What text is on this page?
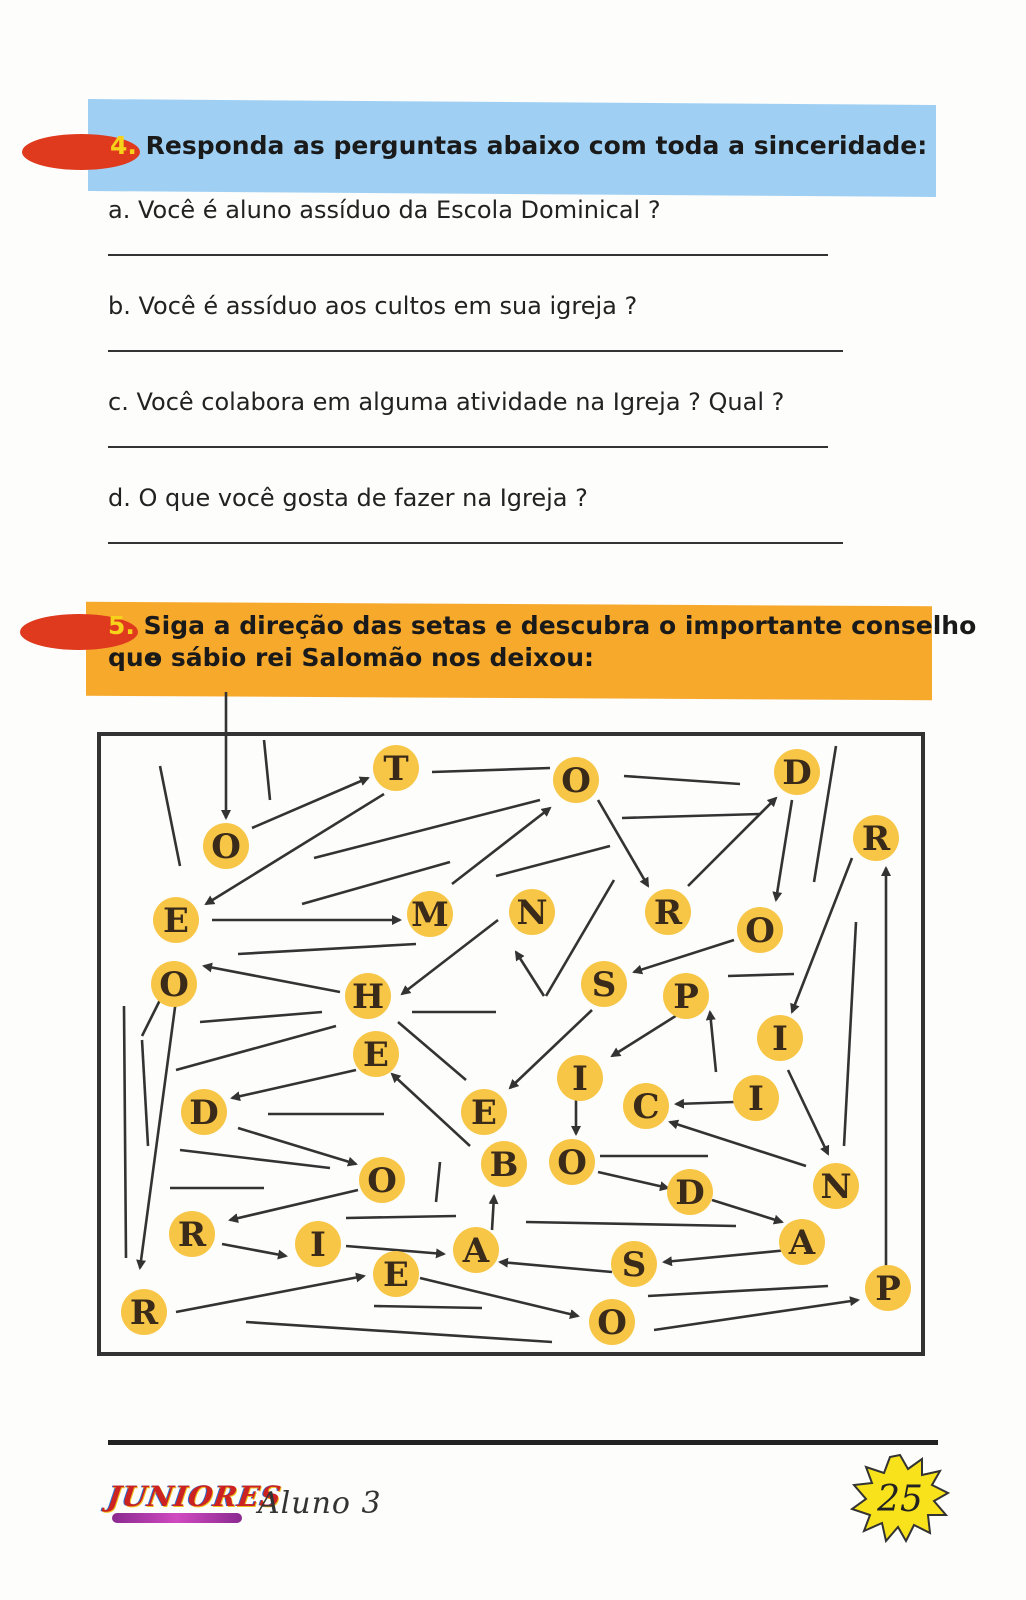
4. Responda as perguntas abaixo com toda a sinceridade:
a. Você é aluno assíduo da Escola Dominical ?
b. Você é assíduo aos cultos em sua igreja ?
c. Você colabora em alguma atividade na Igreja ? Qual ?
d. O que você gosta de fazer na Igreja ?
5. Siga a direção das setas e descubra o importante conselho que
o sábio rei Salomão nos deixou:
T	O	D
O
R
E	M N
R
O
O	H	S P
I
E
I
D	E	C	I
B O
O	D	N
R	I	A	A
E	S
R	O
P
JUNIORES
Aluno 3	25
